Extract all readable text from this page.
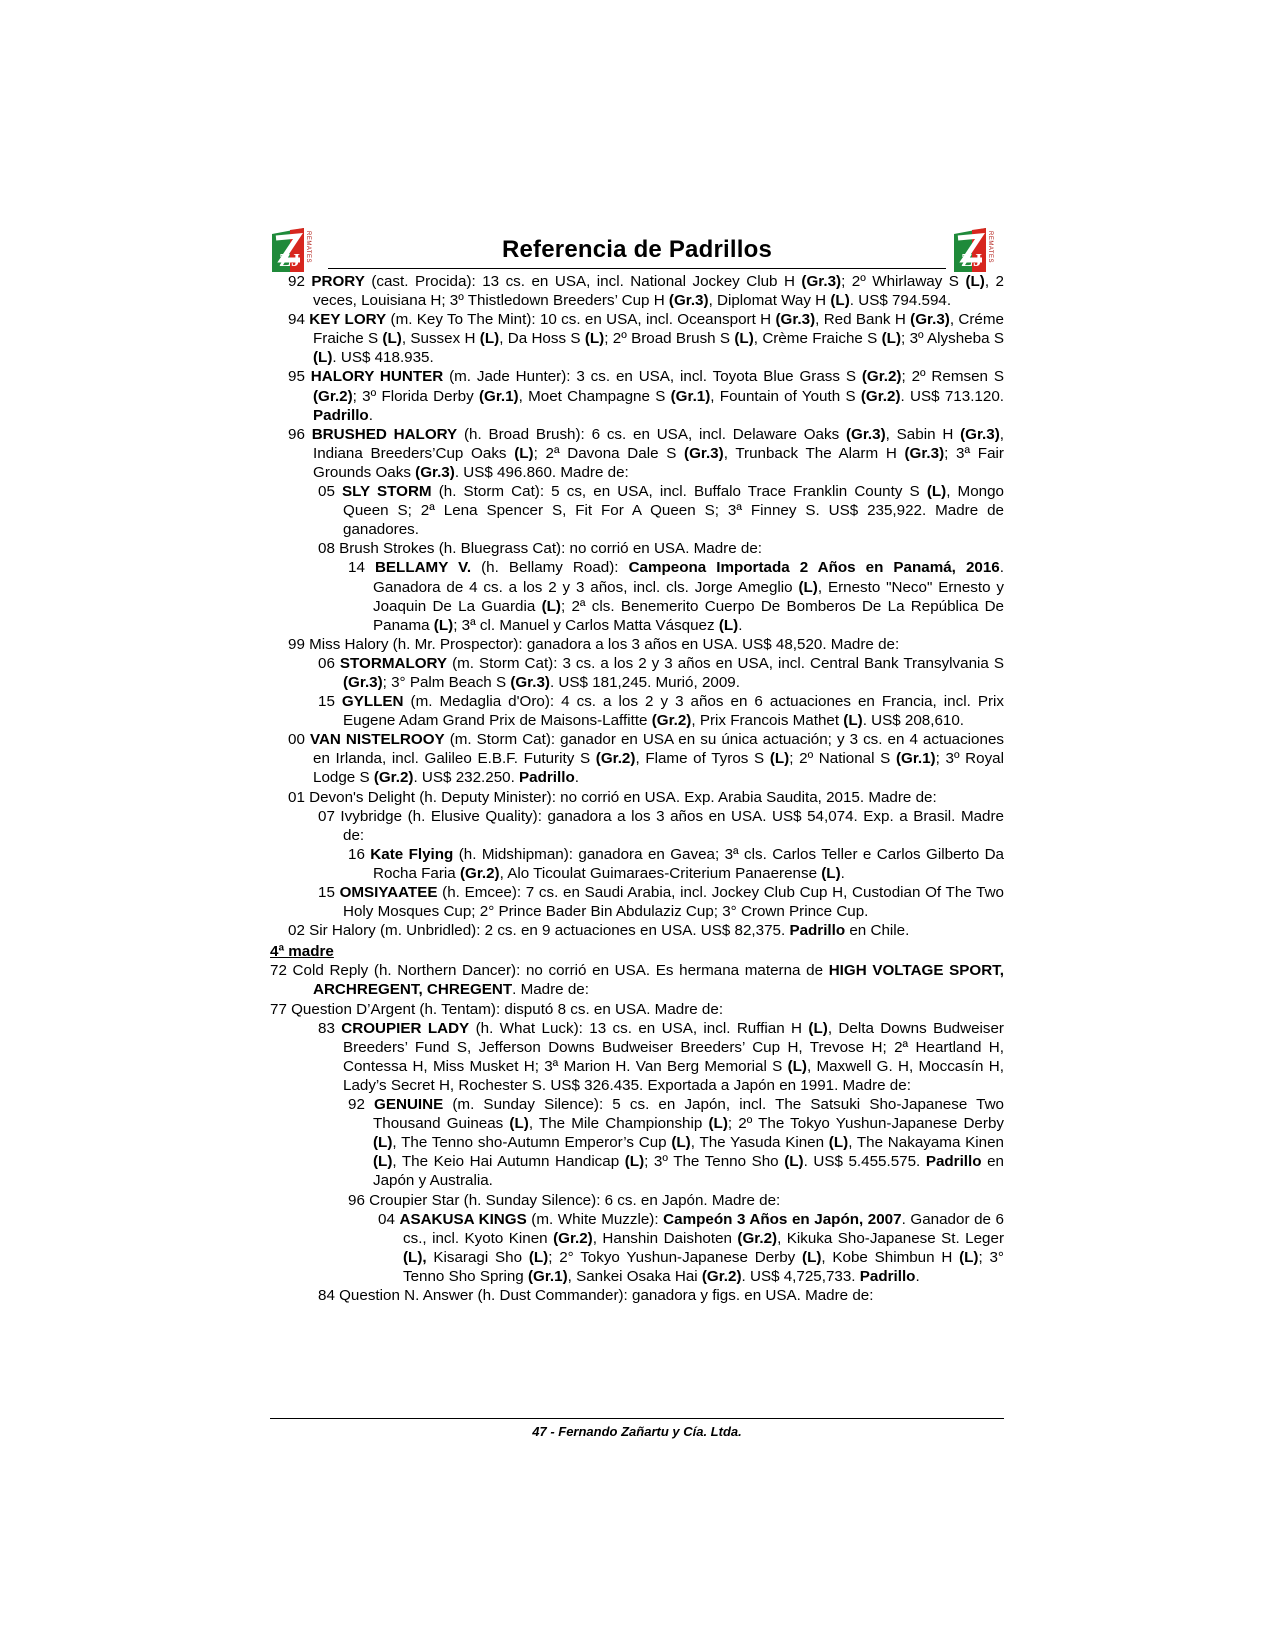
ZJ REMATES	Referencia de Padrillos	ZJ REMATES
92 PRORY (cast. Procida): 13 cs. en USA, incl. National Jockey Club H (Gr.3); 2º Whirlaway S (L), 2 veces, Louisiana H; 3º Thistledown Breeders’ Cup H (Gr.3), Diplomat Way H (L). US$ 794.594.
94 KEY LORY (m. Key To The Mint): 10 cs. en USA, incl. Oceansport H (Gr.3), Red Bank H (Gr.3), Créme Fraiche S (L), Sussex H (L), Da Hoss S (L); 2º Broad Brush S (L), Crème Fraiche S (L); 3º Alysheba S (L). US$ 418.935.
95 HALORY HUNTER (m. Jade Hunter): 3 cs. en USA, incl. Toyota Blue Grass S (Gr.2); 2º Remsen S (Gr.2); 3º Florida Derby (Gr.1), Moet Champagne S (Gr.1), Fountain of Youth S (Gr.2). US$ 713.120. Padrillo.
96 BRUSHED HALORY (h. Broad Brush): 6 cs. en USA, incl. Delaware Oaks (Gr.3), Sabin H (Gr.3), Indiana Breeders’Cup Oaks (L); 2ª Davona Dale S (Gr.3), Trunback The Alarm H (Gr.3); 3ª Fair Grounds Oaks (Gr.3). US$ 496.860. Madre de:
05 SLY STORM (h. Storm Cat): 5 cs, en USA, incl. Buffalo Trace Franklin County S (L), Mongo Queen S; 2ª Lena Spencer S, Fit For A Queen S; 3ª Finney S. US$ 235,922. Madre de ganadores.
08 Brush Strokes (h. Bluegrass Cat): no corrió en USA. Madre de:
14 BELLAMY V. (h. Bellamy Road): Campeona Importada 2 Años en Panamá, 2016. Ganadora de 4 cs. a los 2 y 3 años, incl. cls. Jorge Ameglio (L), Ernesto "Neco" Ernesto y Joaquin De La Guardia (L); 2ª cls. Benemerito Cuerpo De Bomberos De La República De Panama (L); 3ª cl. Manuel y Carlos Matta Vásquez (L).
99 Miss Halory (h. Mr. Prospector): ganadora a los 3 años en USA. US$ 48,520. Madre de:
06 STORMALORY (m. Storm Cat): 3 cs. a los 2 y 3 años en USA, incl. Central Bank Transylvania S (Gr.3); 3° Palm Beach S (Gr.3). US$ 181,245. Murió, 2009.
15 GYLLEN (m. Medaglia d'Oro): 4 cs. a los 2 y 3 años en 6 actuaciones en Francia, incl. Prix Eugene Adam Grand Prix de Maisons-Laffitte (Gr.2), Prix Francois Mathet (L). US$ 208,610.
00 VAN NISTELROOY (m. Storm Cat): ganador en USA en su única actuación; y 3 cs. en 4 actuaciones en Irlanda, incl. Galileo E.B.F. Futurity S (Gr.2), Flame of Tyros S (L); 2º National S (Gr.1); 3º Royal Lodge S (Gr.2). US$ 232.250. Padrillo.
01 Devon's Delight (h. Deputy Minister): no corrió en USA. Exp. Arabia Saudita, 2015. Madre de:
07 Ivybridge (h. Elusive Quality): ganadora a los 3 años en USA. US$ 54,074. Exp. a Brasil. Madre de:
16 Kate Flying (h. Midshipman): ganadora en Gavea; 3ª cls. Carlos Teller e Carlos Gilberto Da Rocha Faria (Gr.2), Alo Ticoulat Guimaraes-Criterium Panaerense (L).
15 OMSIYAATEE (h. Emcee): 7 cs. en Saudi Arabia, incl. Jockey Club Cup H, Custodian Of The Two Holy Mosques Cup; 2° Prince Bader Bin Abdulaziz Cup; 3° Crown Prince Cup.
02 Sir Halory (m. Unbridled): 2 cs. en 9 actuaciones en USA. US$ 82,375. Padrillo en Chile.
4ª madre
72 Cold Reply (h. Northern Dancer): no corrió en USA. Es hermana materna de HIGH VOLTAGE SPORT, ARCHREGENT, CHREGENT. Madre de:
77 Question D’Argent (h. Tentam): disputó 8 cs. en USA. Madre de:
83 CROUPIER LADY (h. What Luck): 13 cs. en USA, incl. Ruffian H (L), Delta Downs Budweiser Breeders’ Fund S, Jefferson Downs Budweiser Breeders’ Cup H, Trevose H; 2ª Heartland H, Contessa H, Miss Musket H; 3ª Marion H. Van Berg Memorial S (L), Maxwell G. H, Moccasín H, Lady’s Secret H, Rochester S. US$ 326.435. Exportada a Japón en 1991. Madre de:
92 GENUINE (m. Sunday Silence): 5 cs. en Japón, incl. The Satsuki Sho-Japanese Two Thousand Guineas (L), The Mile Championship (L); 2º The Tokyo Yushun-Japanese Derby (L), The Tenno sho-Autumn Emperor’s Cup (L), The Yasuda Kinen (L), The Nakayama Kinen (L), The Keio Hai Autumn Handicap (L); 3º The Tenno Sho (L). US$ 5.455.575. Padrillo en Japón y Australia.
96 Croupier Star (h. Sunday Silence): 6 cs. en Japón. Madre de:
04 ASAKUSA KINGS (m. White Muzzle): Campeón 3 Años en Japón, 2007. Ganador de 6 cs., incl. Kyoto Kinen (Gr.2), Hanshin Daishoten (Gr.2), Kikuka Sho-Japanese St. Leger (L), Kisaragi Sho (L); 2° Tokyo Yushun-Japanese Derby (L), Kobe Shimbun H (L); 3° Tenno Sho Spring (Gr.1), Sankei Osaka Hai (Gr.2). US$ 4,725,733. Padrillo.
84 Question N. Answer (h. Dust Commander): ganadora y figs. en USA. Madre de:
47 - Fernando Zañartu y Cía. Ltda.
